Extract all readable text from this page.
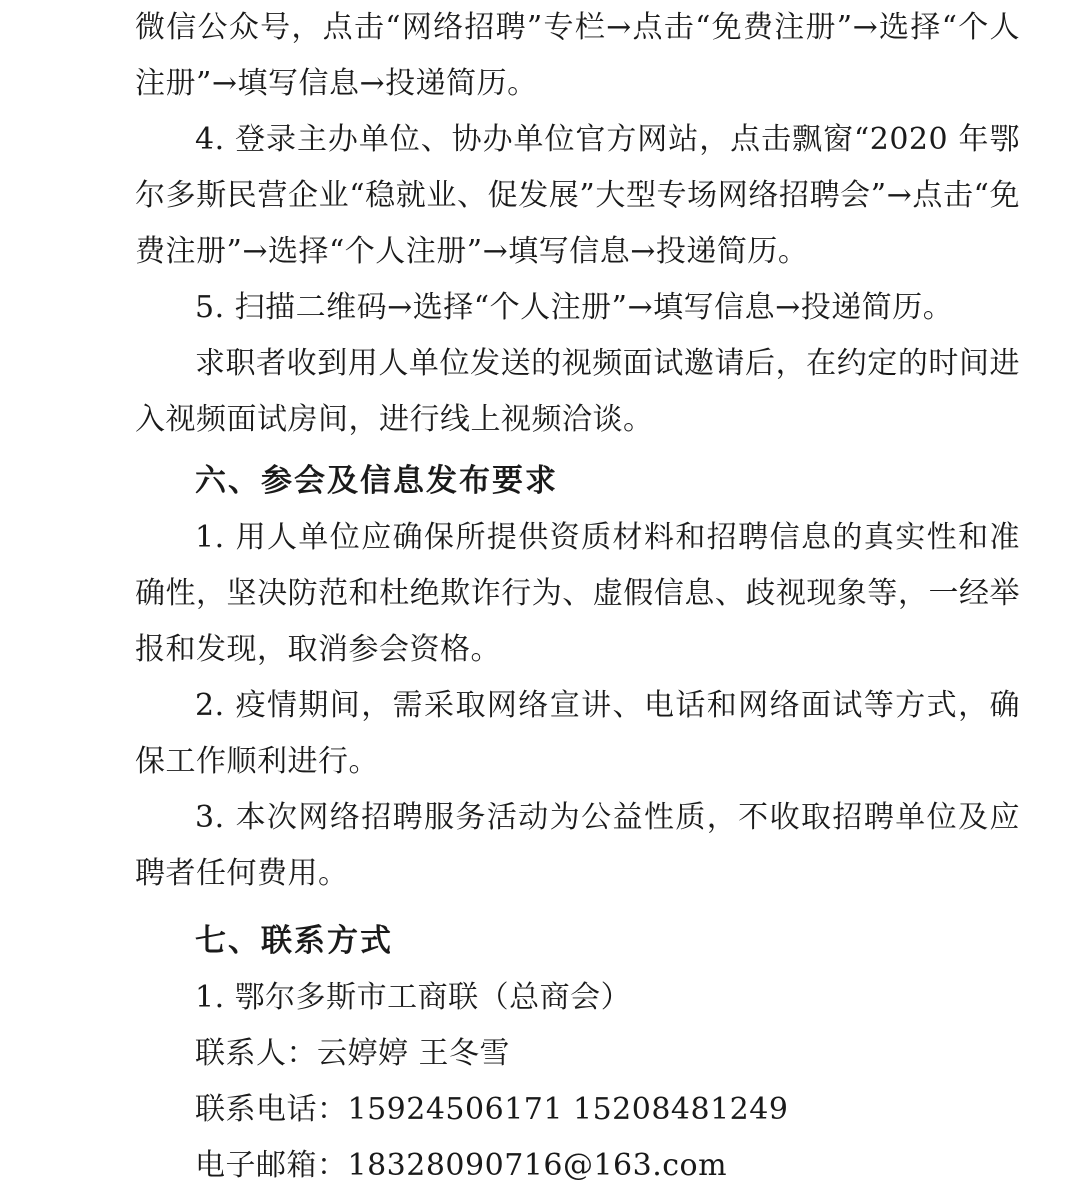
微信公众号，点击“网络招聘”专栏→点击“免费注册”→选择“个人注册”→填写信息→投递简历。

4. 登录主办单位、协办单位官方网站，点击飘窗“2020 年鄂尔多斯民营企业“稳就业、促发展”大型专场网络招聘会”→点击“免费注册”→选择“个人注册”→填写信息→投递简历。

5. 扫描二维码→选择“个人注册”→填写信息→投递简历。

求职者收到用人单位发送的视频面试邀请后，在约定的时间进入视频面试房间，进行线上视频洽谈。

六、参会及信息发布要求

1. 用人单位应确保所提供资质材料和招聘信息的真实性和准确性，坚决防范和杜绝欺诈行为、虚假信息、歧视现象等，一经举报和发现，取消参会资格。

2. 疫情期间，需采取网络宣讲、电话和网络面试等方式，确保工作顺利进行。

3. 本次网络招聘服务活动为公益性质，不收取招聘单位及应聘者任何费用。

七、联系方式

1. 鄂尔多斯市工商联（总商会）

联系人：云婷婷 王冬雪

联系电话：15924506171 15208481249

电子邮箱：18328090716@163.com
